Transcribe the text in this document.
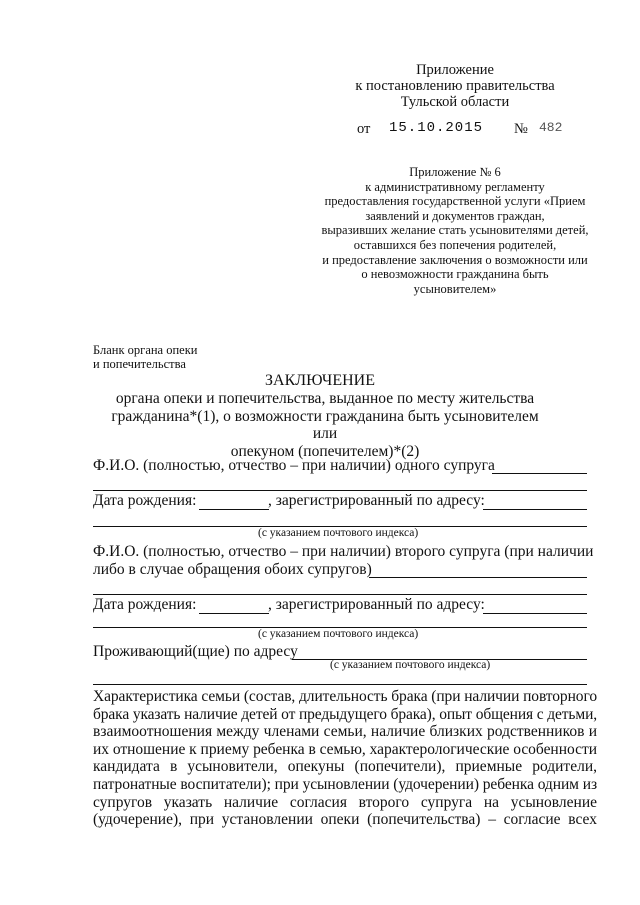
Приложение
к постановлению правительства
Тульской области
от 15.10.2015 № 482
Приложение № 6
к административному регламенту
предоставления государственной услуги «Прием
заявлений и документов граждан,
выразивших желание стать усыновителями детей,
оставшихся без попечения родителей,
и предоставление заключения о возможности или
о невозможности гражданина быть
усыновителем»
Бланк органа опеки
и попечительства
ЗАКЛЮЧЕНИЕ
органа опеки и попечительства, выданное по месту жительства
гражданина*(1), о возможности гражданина быть усыновителем или
опекуном (попечителем)*(2)
Ф.И.О. (полностью, отчество – при наличии) одного супруга
Дата рождения:	, зарегистрированный по адресу:
(с указанием почтового индекса)
Ф.И.О. (полностью, отчество – при наличии) второго супруга (при наличии
либо в случае обращения обоих супругов)
Дата рождения:	, зарегистрированный по адресу:
(с указанием почтового индекса)
Проживающий(щие) по адресу
(с указанием почтового индекса)
Характеристика семьи (состав, длительность брака (при наличии повторного
брака указать наличие детей от предыдущего брака), опыт общения с детьми,
взаимоотношения между членами семьи, наличие близких родственников и
их отношение к приему ребенка в семью, характерологические особенности
кандидата в усыновители, опекуны (попечители), приемные родители,
патронатные воспитатели); при усыновлении (удочерении) ребенка одним из
супругов указать наличие согласия второго супруга на усыновление
(удочерение), при установлении опеки (попечительства) – согласие всех
